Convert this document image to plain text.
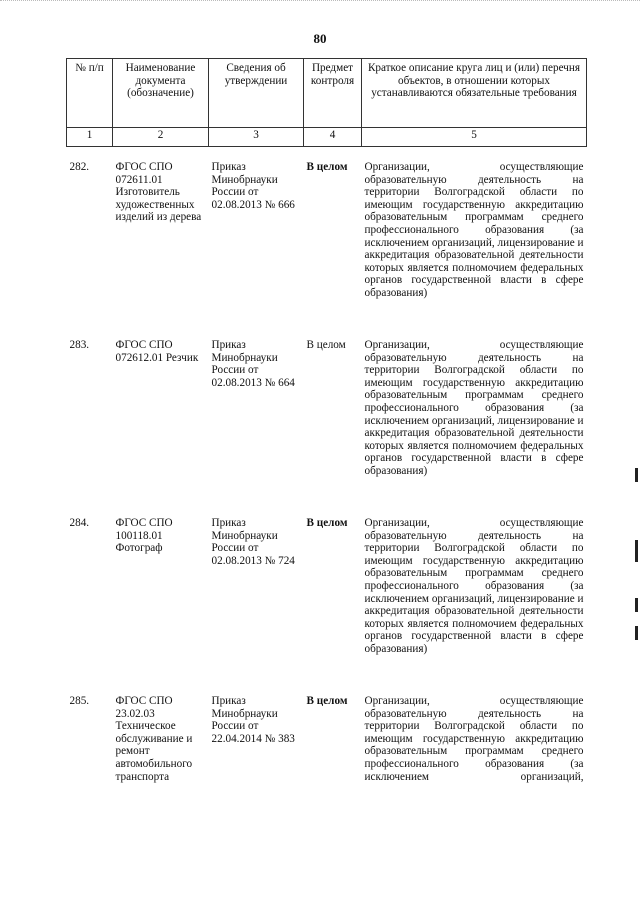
80
№ п/п	Наименование документа (обозначение)	Сведения об утверждении	Предмет контроля	Краткое описание круга лиц и (или) перечня объектов, в отношении которых устанавливаются обязательные требования
1	2	3	4	5

282.	ФГОС СПО 072611.01 Изготовитель художественных изделий из дерева	Приказ Минобрнауки России от 02.08.2013 № 666	В целом	Организации, осуществляющие образовательную деятельность на территории Волгоградской области по имеющим государственную аккредитацию образовательным программам среднего профессионального образования (за исключением организаций, лицензирование и аккредитация образовательной деятельности которых является полномочием федеральных органов государственной власти в сфере образования)
283.	ФГОС СПО 072612.01 Резчик	Приказ Минобрнауки России от 02.08.2013 № 664	В целом	Организации, осуществляющие образовательную деятельность на территории Волгоградской области по имеющим государственную аккредитацию образовательным программам среднего профессионального образования (за исключением организаций, лицензирование и аккредитация образовательной деятельности которых является полномочием федеральных органов государственной власти в сфере образования)
284.	ФГОС СПО 100118.01 Фотограф	Приказ Минобрнауки России от 02.08.2013 № 724	В целом	Организации, осуществляющие образовательную деятельность на территории Волгоградской области по имеющим государственную аккредитацию образовательным программам среднего профессионального образования (за исключением организаций, лицензирование и аккредитация образовательной деятельности которых является полномочием федеральных органов государственной власти в сфере образования)
285.	ФГОС СПО 23.02.03 Техническое обслуживание и ремонт автомобильного транспорта	Приказ Минобрнауки России от 22.04.2014 № 383	В целом	Организации, осуществляющие образовательную деятельность на территории Волгоградской области по имеющим государственную аккредитацию образовательным программам среднего профессионального образования (за исключением организаций,
